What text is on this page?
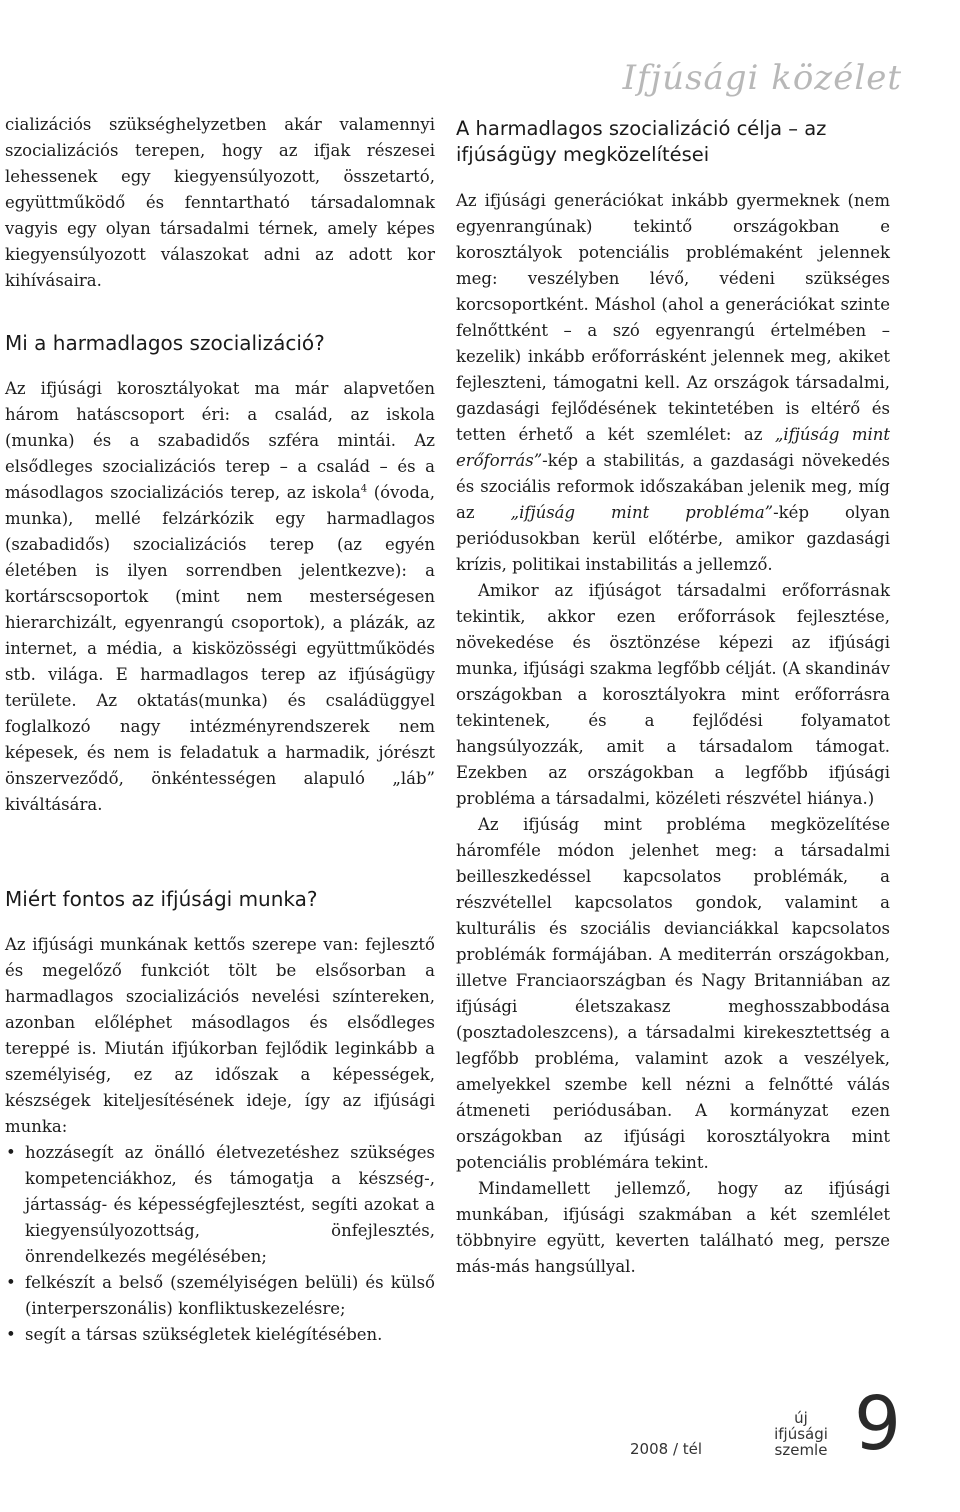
Ifjúsági közélet

cializációs szükséghelyzetben akár valamennyi szocializációs terepen, hogy az ifjak részesei lehessenek egy kiegyensúlyozott, összetartó, együttműködő és fenntartható társadalomnak vagyis egy olyan társadalmi térnek, amely képes kiegyensúlyozott válaszokat adni az adott kor kihívásaira.

Mi a harmadlagos szocializáció?

Az ifjúsági korosztályokat ma már alapvetően három hatáscsoport éri: a család, az iskola (munka) és a szabadidős szféra mintái. Az elsődleges szocializációs terep – a család – és a másodlagos szocializációs terep, az iskola$^4$ (óvoda, munka), mellé felzárkózik egy harmadlagos (szabadidős) szocializációs terep (az egyén életében is ilyen sorrendben jelentkezve): a kortárscsoportok (mint nem mesterségesen hierarchizált, egyenrangú csoportok), a plázák, az internet, a média, a kisközösségi együttműködés stb. világa. E harmadlagos terep az ifjúságügy területe. Az oktatás(munka) és családüggyel foglalkozó nagy intézményrendszerek nem képesek, és nem is feladatuk a harmadik, jórészt önszerveződő, önkéntességen alapuló „láb” kiváltására.

Miért fontos az ifjúsági munka?

Az ifjúsági munkának kettős szerepe van: fejlesztő és megelőző funkciót tölt be elsősorban a harmadlagos szocializációs nevelési színtereken, azonban előléphet másodlagos és elsődleges tereppé is. Miután ifjúkorban fejlődik leginkább a személyiség, ez az időszak a képességek, készségek kiteljesítésének ideje, így az ifjúsági munka:

• hozzásegít az önálló életvezetéshez szükséges kompetenciákhoz, és támogatja a készség-, jártasság- és képességfejlesztést, segíti azokat a kiegyensúlyozottság, önfejlesztés, önrendelkezés megélésében;
• felkészít a belső (személyiségen belüli) és külső (interperszonális) konfliktuskezelésre;
• segít a társas szükségletek kielégítésében.
A harmadlagos szocializáció célja – az ifjúságügy megközelítései

Az ifjúsági generációkat inkább gyermeknek (nem egyenrangúnak) tekintő országokban e korosztályok potenciális problémaként jelennek meg: veszélyben lévő, védeni szükséges korcsoportként. Máshol (ahol a generációkat szinte felnőttként – a szó egyenrangú értelmében – kezelik) inkább erőforrásként jelennek meg, akiket fejleszteni, támogatni kell. Az országok társadalmi, gazdasági fejlődésének tekintetében is eltérő és tetten érhető a két szemlélet: az „ifjúság mint erőforrás”-kép a stabilitás, a gazdasági növekedés és szociális reformok időszakában jelenik meg, míg az „ifjúság mint probléma”-kép olyan periódusokban kerül előtérbe, amikor gazdasági krízis, politikai instabilitás a jellemző.

Amikor az ifjúságot társadalmi erőforrásnak tekintik, akkor ezen erőforrások fejlesztése, növekedése és ösztönzése képezi az ifjúsági munka, ifjúsági szakma legfőbb célját. (A skandináv országokban a korosztályokra mint erőforrásra tekintenek, és a fejlődési folyamatot hangsúlyozzák, amit a társadalom támogat. Ezekben az országokban a legfőbb ifjúsági probléma a társadalmi, közéleti részvétel hiánya.)

Az ifjúság mint probléma megközelítése háromféle módon jelenhet meg: a társadalmi beilleszkedéssel kapcsolatos problémák, a részvétellel kapcsolatos gondok, valamint a kulturális és szociális devianciákkal kapcsolatos problémák formájában. A mediterrán országokban, illetve Franciaországban és Nagy Britanniában az ifjúsági életszakasz meghosszabbodása (posztadoleszcens), a társadalmi kirekesztettség a legfőbb probléma, valamint azok a veszélyek, amelyekkel szembe kell nézni a felnőtté válás átmeneti periódusában. A kormányzat ezen országokban az ifjúsági korosztályokra mint potenciális problémára tekint.

Mindamellett jellemző, hogy az ifjúsági munkában, ifjúsági szakmában a két szemlélet többnyire együtt, keverten található meg, persze más-más hangsúllyal.

2008 / tél
új
ifjúsági
szemle 9
